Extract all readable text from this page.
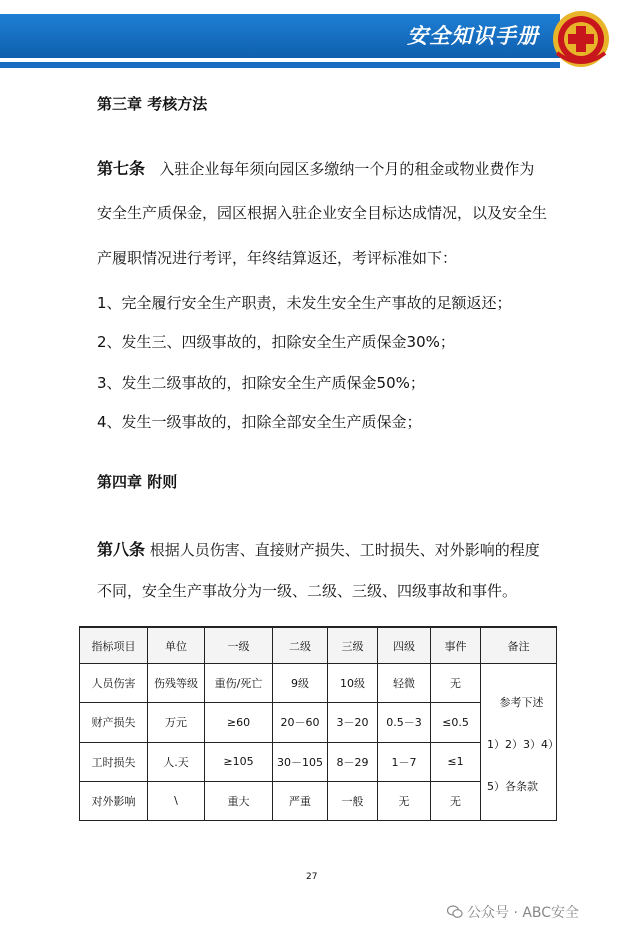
安全知识手册
第三章 考核方法
第七条 入驻企业每年须向园区多缴纳一个月的租金或物业费作为
安全生产质保金，园区根据入驻企业安全目标达成情况，以及安全生
产履职情况进行考评，年终结算返还，考评标准如下：
1、完全履行安全生产职责，未发生安全生产事故的足额返还；
2、发生三、四级事故的，扣除安全生产质保金30%；
3、发生二级事故的，扣除安全生产质保金50%；
4、发生一级事故的，扣除全部安全生产质保金；
第四章 附则
第八条 根据人员伤害、直接财产损失、工时损失、对外影响的程度
不同，安全生产事故分为一级、二级、三级、四级事故和事件。
指标项目	单位	一级	二级	三级	四级	事件	备注
人员伤害	伤残等级	重伤/死亡	9级	10级	轻微	无	参考下述
1）2）3）4）
5）各条款

财产损失	万元	≥60	20－60	3－20	0.5－3	≤0.5	
工时损失	人.天	≥105	30－105	8－29	1－7	≤1	
对外影响	\	重大	严重	一般	无	无	
27
公众号 · ABC安全
